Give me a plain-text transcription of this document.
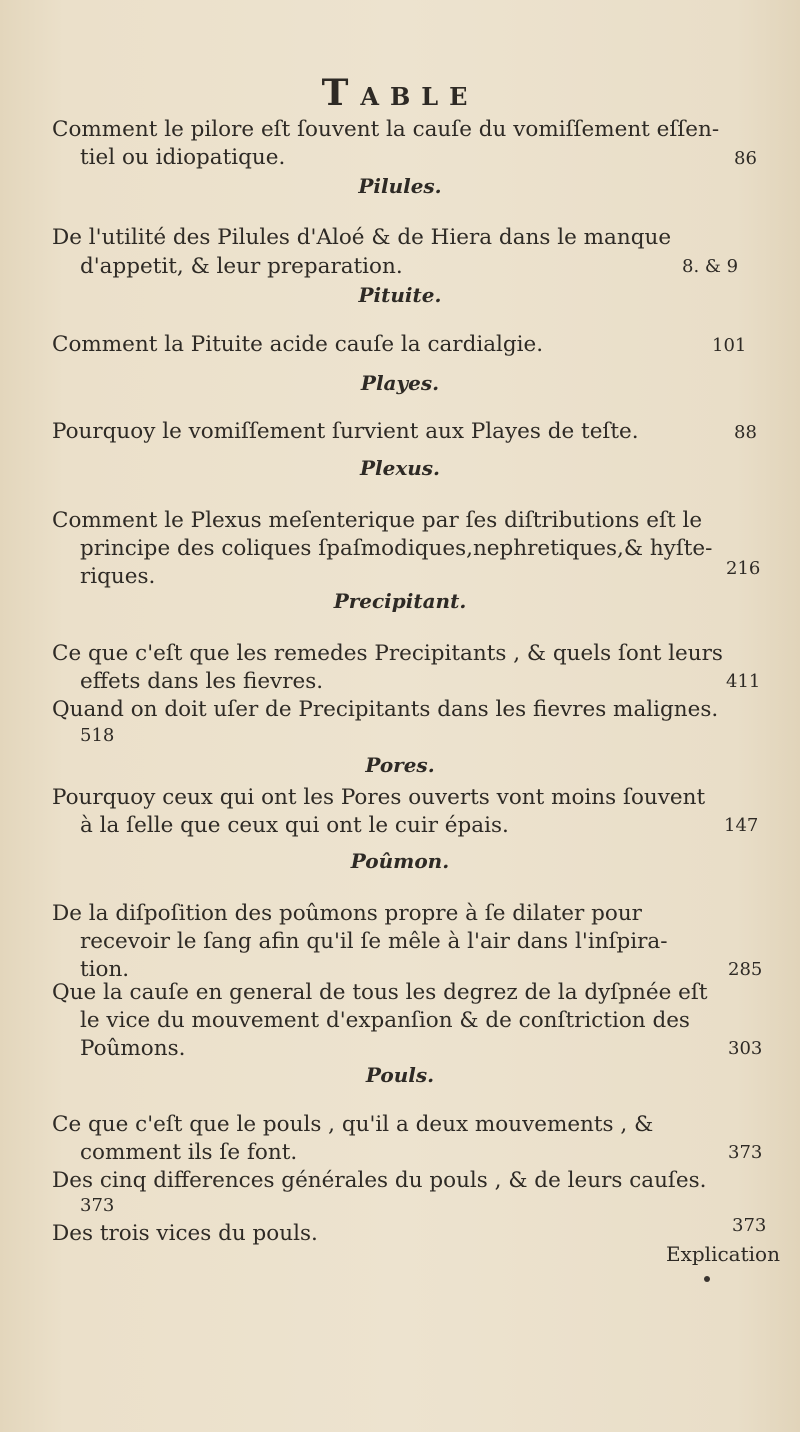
TABLE
Comment le pilore eſt ſouvent la cauſe du vomiſſement eſſen-
tiel ou idiopatique.	86
Pilules.
De l'utilité des Pilules d'Aloé & de Hiera dans le manque
d'appetit, & leur preparation.	8. & 9
Pituite.
Comment la Pituite acide cauſe la cardialgie.	101
Playes.
Pourquoy le vomiſſement ſurvient aux Playes de teſte.	88
Plexus.
Comment le Plexus meſenterique par ſes diſtributions eſt le
principe des coliques ſpaſmodiques,nephretiques,& hyſte-
riques.	216
Precipitant.
Ce que c'eſt que les remedes Precipitants , & quels ſont leurs
effets dans les fievres.	411
Quand on doit uſer de Precipitants dans les fievres malignes.
518
Pores.
Pourquoy ceux qui ont les Pores ouverts vont moins ſouvent
à la ſelle que ceux qui ont le cuir épais.	147
Poûmon.
De la diſpoſition des poûmons propre à ſe dilater pour
recevoir le ſang afin qu'il ſe mêle à l'air dans l'inſpira-
tion.	285
Que la cauſe en general de tous les degrez de la dyſpnée eſt
le vice du mouvement d'expanſion & de conſtriction des
Poûmons.	303
Pouls.
Ce que c'eſt que le pouls , qu'il a deux mouvements , &
comment ils ſe font.	373
Des cinq differences générales du pouls , & de leurs cauſes.
373
Des trois vices du pouls.	373
Explication
